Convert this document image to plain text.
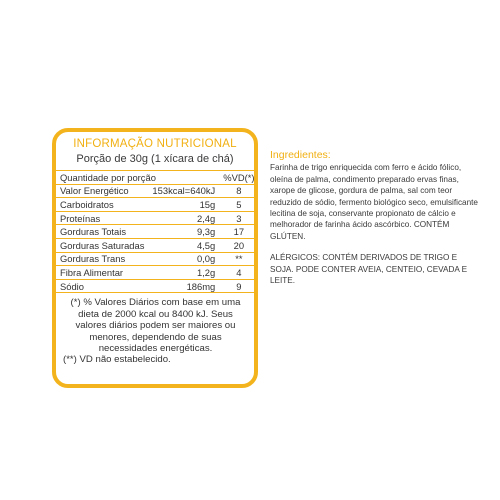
INFORMAÇÃO NUTRICIONAL
Porção de 30g (1 xícara de chá)
Quantidade por porção		%VD(*)
Valor Energético	153kcal=640kJ	8
Carboidratos	15g	5
Proteínas	2,4g	3
Gorduras Totais	9,3g	17
Gorduras Saturadas	4,5g	20
Gorduras Trans	0,0g	**
Fibra Alimentar	1,2g	4
Sódio	186mg	9
(*) % Valores Diários com base em uma dieta de 2000 kcal ou 8400 kJ. Seus valores diários podem ser maiores ou menores, dependendo de suas necessidades energéticas.
(**) VD não estabelecido.
Ingredientes:
Farinha de trigo enriquecida com ferro e ácido fólico, oleína de palma, condimento preparado ervas finas, xarope de glicose, gordura de palma, sal com teor reduzido de sódio, fermento biológico seco, emulsificante lecitina de soja, conservante propionato de cálcio e melhorador de farinha ácido ascórbico. CONTÉM GLÚTEN.
ALÉRGICOS: CONTÉM DERIVADOS DE TRIGO E SOJA. PODE CONTER AVEIA, CENTEIO, CEVADA E LEITE.
